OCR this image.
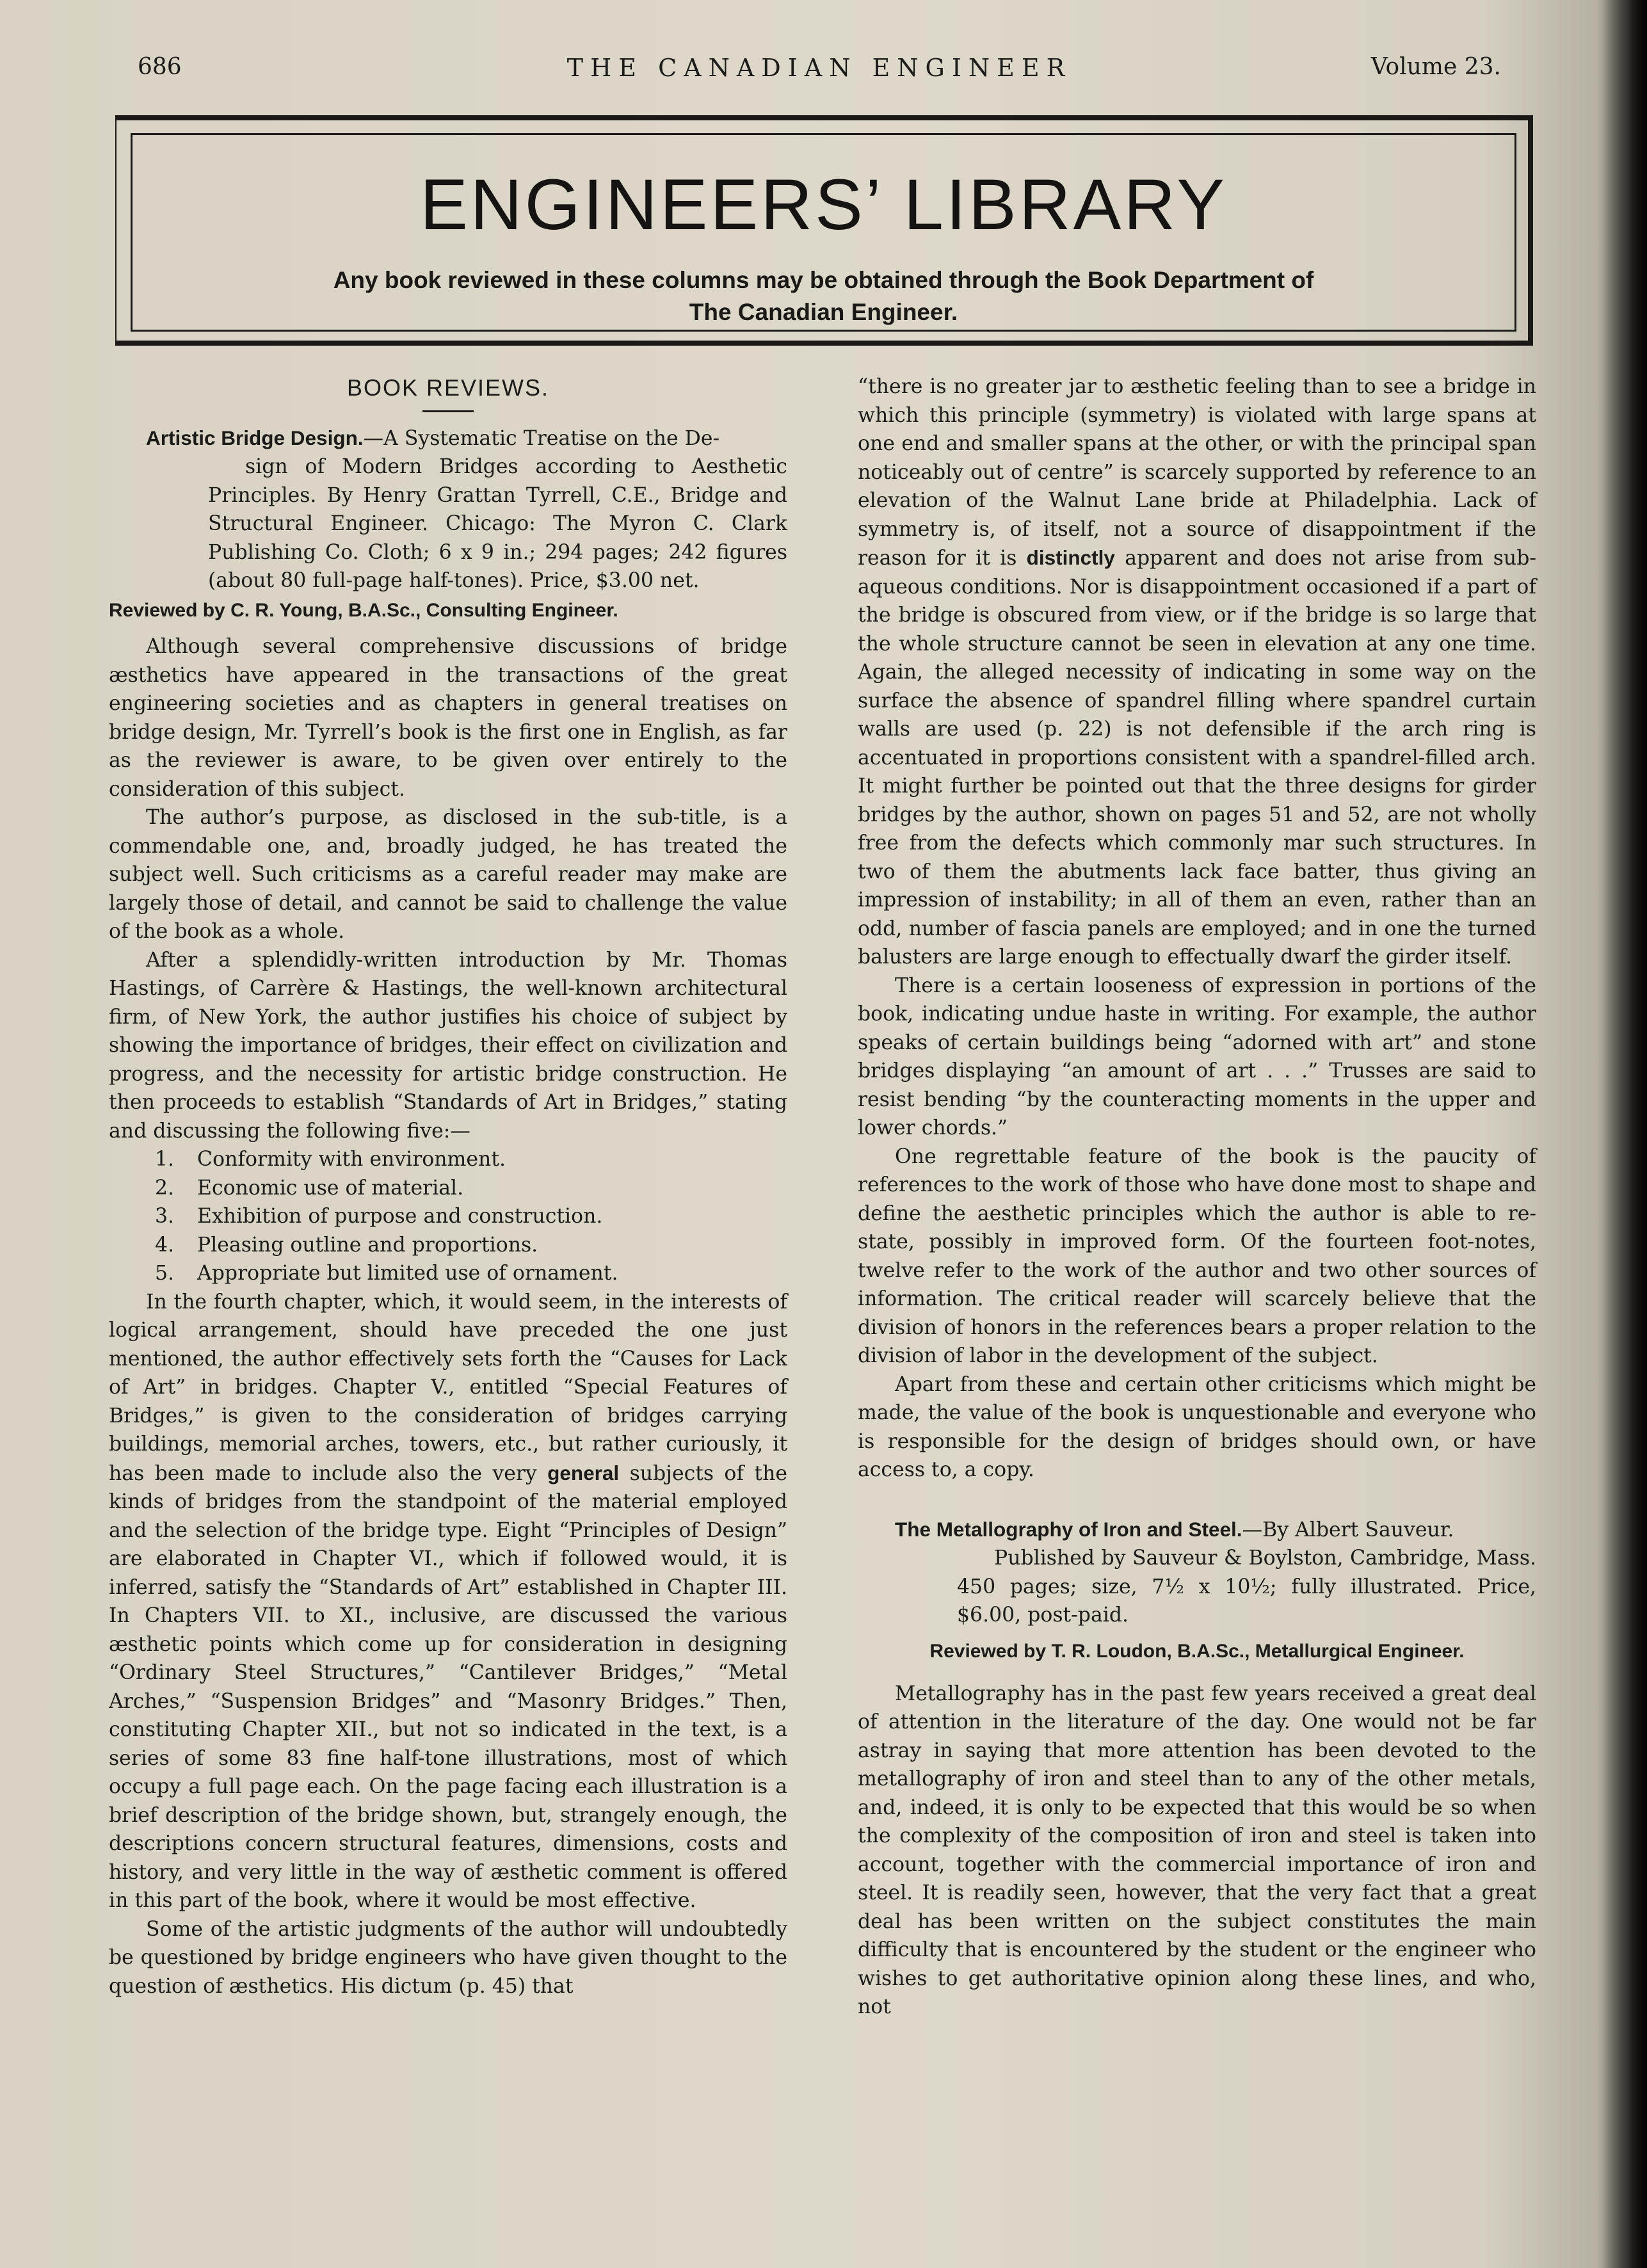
686	THE CANADIAN ENGINEER	Volume 23.
ENGINEERS’ LIBRARY
Any book reviewed in these columns may be obtained through the Book Department of
The Canadian Engineer.
BOOK REVIEWS.

Artistic Bridge Design.—A Systematic Treatise on the De-
sign of Modern Bridges according to Aesthetic Principles. By Henry Grattan Tyrrell, C.E., Bridge and Structural Engineer. Chicago: The Myron C. Clark Publishing Co. Cloth; 6 x 9 in.; 294 pages; 242 figures (about 80 full-page half-tones). Price, $3.00 net.

Reviewed by C. R. Young, B.A.Sc., Consulting Engineer.

Although several comprehensive discussions of bridge æsthetics have appeared in the transactions of the great engineering societies and as chapters in general treatises on bridge design, Mr. Tyrrell’s book is the first one in English, as far as the reviewer is aware, to be given over entirely to the consideration of this subject.

The author’s purpose, as disclosed in the sub-title, is a commendable one, and, broadly judged, he has treated the subject well. Such criticisms as a careful reader may make are largely those of detail, and cannot be said to challenge the value of the book as a whole.

After a splendidly-written introduction by Mr. Thomas Hastings, of Carrère & Hastings, the well-known architectural firm, of New York, the author justifies his choice of subject by showing the importance of bridges, their effect on civilization and progress, and the necessity for artistic bridge construction. He then proceeds to establish “Standards of Art in Bridges,” stating and discussing the following five:—

1. Conformity with environment.
2. Economic use of material.
3. Exhibition of purpose and construction.
4. Pleasing outline and proportions.
5. Appropriate but limited use of ornament.

In the fourth chapter, which, it would seem, in the interests of logical arrangement, should have preceded the one just mentioned, the author effectively sets forth the “Causes for Lack of Art” in bridges. Chapter V., entitled “Special Features of Bridges,” is given to the consideration of bridges carrying buildings, memorial arches, towers, etc., but rather curiously, it has been made to include also the very general subjects of the kinds of bridges from the standpoint of the material employed and the selection of the bridge type. Eight “Principles of Design” are elaborated in Chapter VI., which if followed would, it is inferred, satisfy the “Standards of Art” established in Chapter III. In Chapters VII. to XI., inclusive, are discussed the various æsthetic points which come up for consideration in designing “Ordinary Steel Structures,” “Cantilever Bridges,” “Metal Arches,” “Suspension Bridges” and “Masonry Bridges.” Then, constituting Chapter XII., but not so indicated in the text, is a series of some 83 fine half-tone illustrations, most of which occupy a full page each. On the page facing each illustration is a brief description of the bridge shown, but, strangely enough, the descriptions concern structural features, dimensions, costs and history, and very little in the way of æsthetic comment is offered in this part of the book, where it would be most effective.

Some of the artistic judgments of the author will undoubtedly be questioned by bridge engineers who have given thought to the question of æsthetics. His dictum (p. 45) that

“there is no greater jar to æsthetic feeling than to see a bridge in which this principle (symmetry) is violated with large spans at one end and smaller spans at the other, or with the principal span noticeably out of centre” is scarcely supported by reference to an elevation of the Walnut Lane bride at Philadelphia. Lack of symmetry is, of itself, not a source of disappointment if the reason for it is distinctly apparent and does not arise from sub-aqueous conditions. Nor is disappointment occasioned if a part of the bridge is obscured from view, or if the bridge is so large that the whole structure cannot be seen in elevation at any one time. Again, the alleged necessity of indicating in some way on the surface the absence of spandrel filling where spandrel curtain walls are used (p. 22) is not defensible if the arch ring is accentuated in proportions consistent with a spandrel-filled arch. It might further be pointed out that the three designs for girder bridges by the author, shown on pages 51 and 52, are not wholly free from the defects which commonly mar such structures. In two of them the abutments lack face batter, thus giving an impression of instability; in all of them an even, rather than an odd, number of fascia panels are employed; and in one the turned balusters are large enough to effectually dwarf the girder itself.

There is a certain looseness of expression in portions of the book, indicating undue haste in writing. For example, the author speaks of certain buildings being “adorned with art” and stone bridges displaying “an amount of art . . .” Trusses are said to resist bending “by the counteracting moments in the upper and lower chords.”

One regrettable feature of the book is the paucity of references to the work of those who have done most to shape and define the aesthetic principles which the author is able to re-state, possibly in improved form. Of the fourteen foot-notes, twelve refer to the work of the author and two other sources of information. The critical reader will scarcely believe that the division of honors in the references bears a proper relation to the division of labor in the development of the subject.

Apart from these and certain other criticisms which might be made, the value of the book is unquestionable and everyone who is responsible for the design of bridges should own, or have access to, a copy.

The Metallography of Iron and Steel.—By Albert Sauveur.
Published by Sauveur & Boylston, Cambridge, Mass. 450 pages; size, 7½ x 10½; fully illustrated. Price, $6.00, post-paid.

Reviewed by T. R. Loudon, B.A.Sc., Metallurgical Engineer.

Metallography has in the past few years received a great deal of attention in the literature of the day. One would not be far astray in saying that more attention has been devoted to the metallography of iron and steel than to any of the other metals, and, indeed, it is only to be expected that this would be so when the complexity of the composition of iron and steel is taken into account, together with the commercial importance of iron and steel. It is readily seen, however, that the very fact that a great deal has been written on the subject constitutes the main difficulty that is encountered by the student or the engineer who wishes to get authoritative opinion along these lines, and who, not
